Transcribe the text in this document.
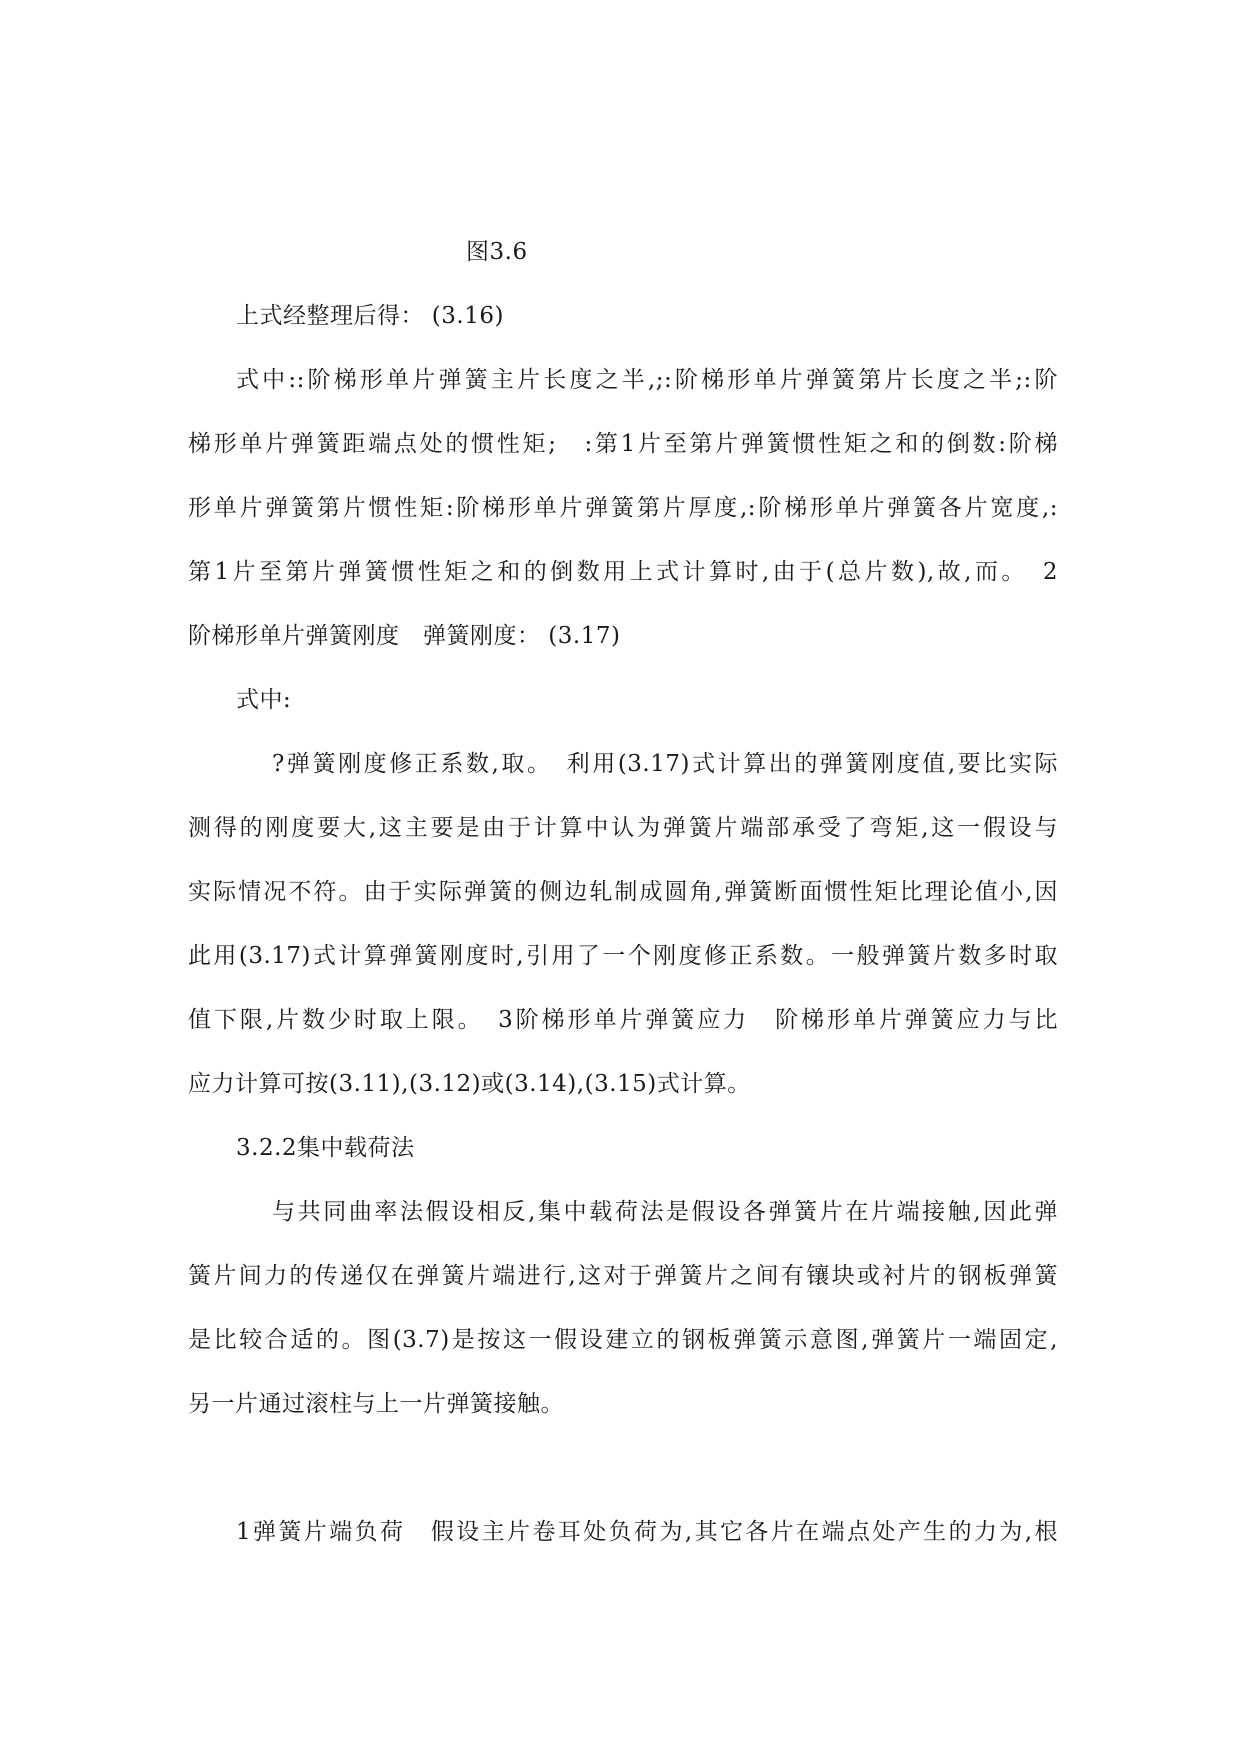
图3.6
上式经整理后得： (3.16)
式中::阶梯形单片弹簧主片长度之半,;:阶梯形单片弹簧第片长度之半;:阶
梯形单片弹簧距端点处的惯性矩;　:第1片至第片弹簧惯性矩之和的倒数:阶梯
形单片弹簧第片惯性矩:阶梯形单片弹簧第片厚度,:阶梯形单片弹簧各片宽度,:
第1片至第片弹簧惯性矩之和的倒数用上式计算时,由于(总片数),故,而。　2
阶梯形单片弹簧刚度　弹簧刚度： (3.17)
式中:
?弹簧刚度修正系数,取。　利用(3.17)式计算出的弹簧刚度值,要比实际
测得的刚度要大,这主要是由于计算中认为弹簧片端部承受了弯矩,这一假设与
实际情况不符。由于实际弹簧的侧边轧制成圆角,弹簧断面惯性矩比理论值小,因
此用(3.17)式计算弹簧刚度时,引用了一个刚度修正系数。一般弹簧片数多时取
值下限,片数少时取上限。　3阶梯形单片弹簧应力　阶梯形单片弹簧应力与比
应力计算可按(3.11),(3.12)或(3.14),(3.15)式计算。
3.2.2集中载荷法
与共同曲率法假设相反,集中载荷法是假设各弹簧片在片端接触,因此弹
簧片间力的传递仅在弹簧片端进行,这对于弹簧片之间有镶块或衬片的钢板弹簧
是比较合适的。图(3.7)是按这一假设建立的钢板弹簧示意图,弹簧片一端固定,
另一片通过滚柱与上一片弹簧接触。
1弹簧片端负荷　假设主片卷耳处负荷为,其它各片在端点处产生的力为,根
